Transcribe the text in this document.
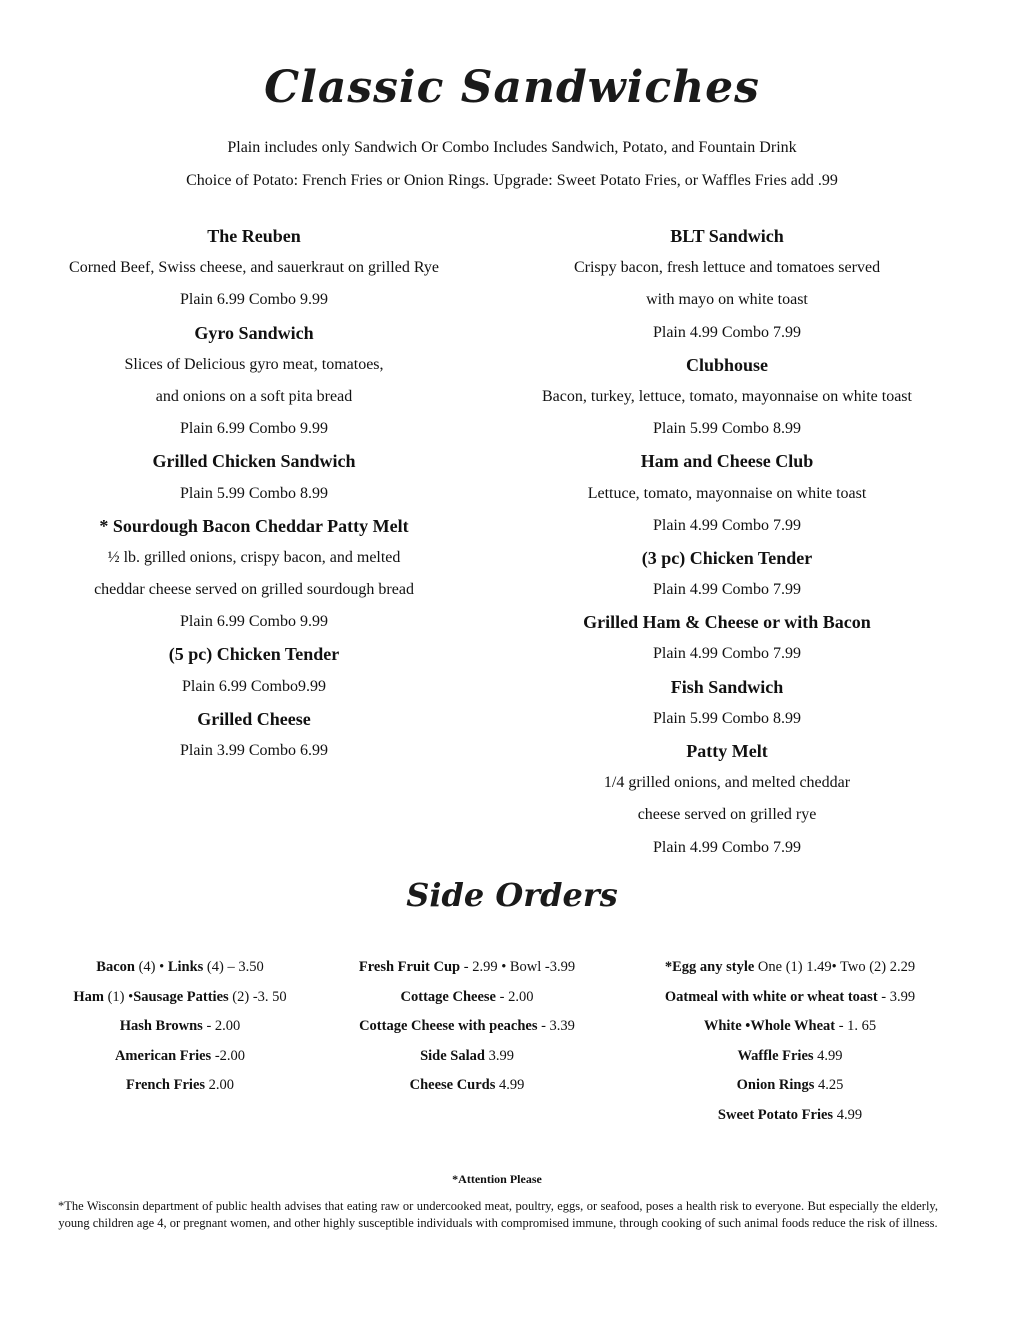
Classic Sandwiches
Plain includes only Sandwich Or Combo Includes Sandwich, Potato, and Fountain Drink
Choice of Potato: French Fries or Onion Rings. Upgrade: Sweet Potato Fries, or Waffles Fries add .99
The Reuben
Corned Beef, Swiss cheese, and sauerkraut on grilled Rye
Plain 6.99 Combo 9.99
Gyro Sandwich
Slices of Delicious gyro meat, tomatoes,
and onions on a soft pita bread
Plain 6.99 Combo 9.99
Grilled Chicken Sandwich
Plain 5.99 Combo 8.99
* Sourdough Bacon Cheddar Patty Melt
½ lb. grilled onions, crispy bacon, and melted
cheddar cheese served on grilled sourdough bread
Plain 6.99 Combo 9.99
(5 pc) Chicken Tender
Plain 6.99 Combo9.99
Grilled Cheese
Plain 3.99 Combo 6.99
BLT Sandwich
Crispy bacon, fresh lettuce and tomatoes served
with mayo on white toast
Plain 4.99 Combo 7.99
Clubhouse
Bacon, turkey, lettuce, tomato, mayonnaise on white toast
Plain 5.99 Combo 8.99
Ham and Cheese Club
Lettuce, tomato, mayonnaise on white toast
Plain 4.99 Combo 7.99
(3 pc) Chicken Tender
Plain 4.99 Combo 7.99
Grilled Ham & Cheese or with Bacon
Plain 4.99 Combo 7.99
Fish Sandwich
Plain 5.99 Combo 8.99
Patty Melt
1/4 grilled onions, and melted cheddar
cheese served on grilled rye
Plain 4.99 Combo 7.99
Side Orders
Bacon (4) • Links (4) – 3.50
Ham (1) •Sausage Patties (2) -3. 50
Hash Browns - 2.00
American Fries -2.00
French Fries 2.00
Fresh Fruit Cup - 2.99 • Bowl -3.99
Cottage Cheese - 2.00
Cottage Cheese with peaches - 3.39
Side Salad 3.99
Cheese Curds 4.99
*Egg any style One (1) 1.49• Two (2) 2.29
Oatmeal with white or wheat toast - 3.99
White •Whole Wheat - 1. 65
Waffle Fries 4.99
Onion Rings 4.25
Sweet Potato Fries 4.99
*Attention Please
*The Wisconsin department of public health advises that eating raw or undercooked meat, poultry, eggs, or seafood, poses a health risk to everyone. But especially the elderly, young children age 4, or pregnant women, and other highly susceptible individuals with compromised immune, through cooking of such animal foods reduce the risk of illness.
